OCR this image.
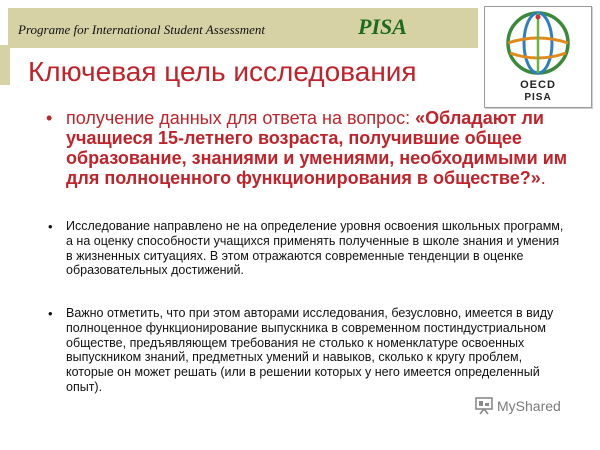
Programe for International Student Assessment	PISA
OECD
PISA
Ключевая цель исследования
• получение данных для ответа на вопрос: «Обладают ли учащиеся 15-летнего возраста, получившие общее образование, знаниями и умениями, необходимыми им для полноценного функционирования в обществе?».

• Исследование направлено не на определение уровня освоения школьных программ, а на оценку способности учащихся применять полученные в школе знания и умения в жизненных ситуациях. В этом отражаются современные тенденции в оценке образовательных достижений.

• Важно отметить, что при этом авторами исследования, безусловно, имеется в виду полноценное функционирование выпускника в современном постиндустриальном обществе, предъявляющем требования не столько к номенклатуре освоенных выпускником знаний, предметных умений и навыков, сколько к кругу проблем, которые он может решать (или в решении которых у него имеется определенный опыт).

MyShared
